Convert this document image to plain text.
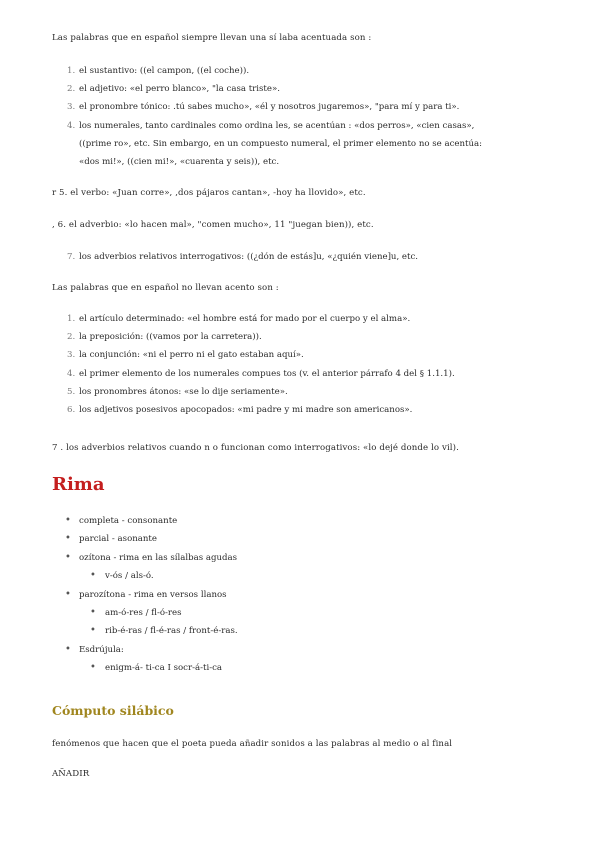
Las palabras que en español siempre llevan una sí laba acentuada son :

1. el sustantivo: ((el campon, ((el coche)).
2. el adjetivo: «el perro blanco», "la casa triste».
3. el pronombre tónico: .tú sabes mucho», «él y nosotros jugaremos», "para mí y para ti».
4. los numerales, tanto cardinales como ordina les, se acentúan : «dos perros», «cien casas»,
((prime ro», etc. Sin embargo, en un compuesto numeral, el primer elemento no se acentúa:
«dos mi!», ((cien mi!», «cuarenta y seis)), etc.

r 5. el verbo: «Juan corre», ,dos pájaros cantan», -hoy ha llovido», etc.

, 6. el adverbio: «lo hacen mal», "comen mucho», 11 "juegan bien)), etc.

7. los adverbios relativos interrogativos: ((¿dón de estás]u, «¿quién viene]u, etc.

Las palabras que en español no llevan acento son :

1. el artículo determinado: «el hombre está for mado por el cuerpo y el alma».
2. la preposición: ((vamos por la carretera)).
3. la conjunción: «ni el perro ni el gato estaban aquí».
4. el primer elemento de los numerales compues tos (v. el anterior párrafo 4 del § 1.1.1).
5. los pronombres átonos: «se lo dije seriamente».
6. los adjetivos posesivos apocopados: «mi padre y mi madre son americanos».

7 . los adverbios relativos cuando n o funcionan como interrogativos: «lo dejé donde lo vil).

Rima
• completa - consonante
• parcial - asonante
• ozítona - rima en las sílalbas agudas
• v-ós / als-ó.
• parozítona - rima en versos llanos
• am-ó-res / fl-ó-res
• rib-é-ras / fl-é-ras / front-é-ras.
• Esdrújula:
• enigm-á- ti-ca I socr-á-ti-ca
Cómputo silábico

fenómenos que hacen que el poeta pueda añadir sonidos a las palabras al medio o al final

AÑADIR
